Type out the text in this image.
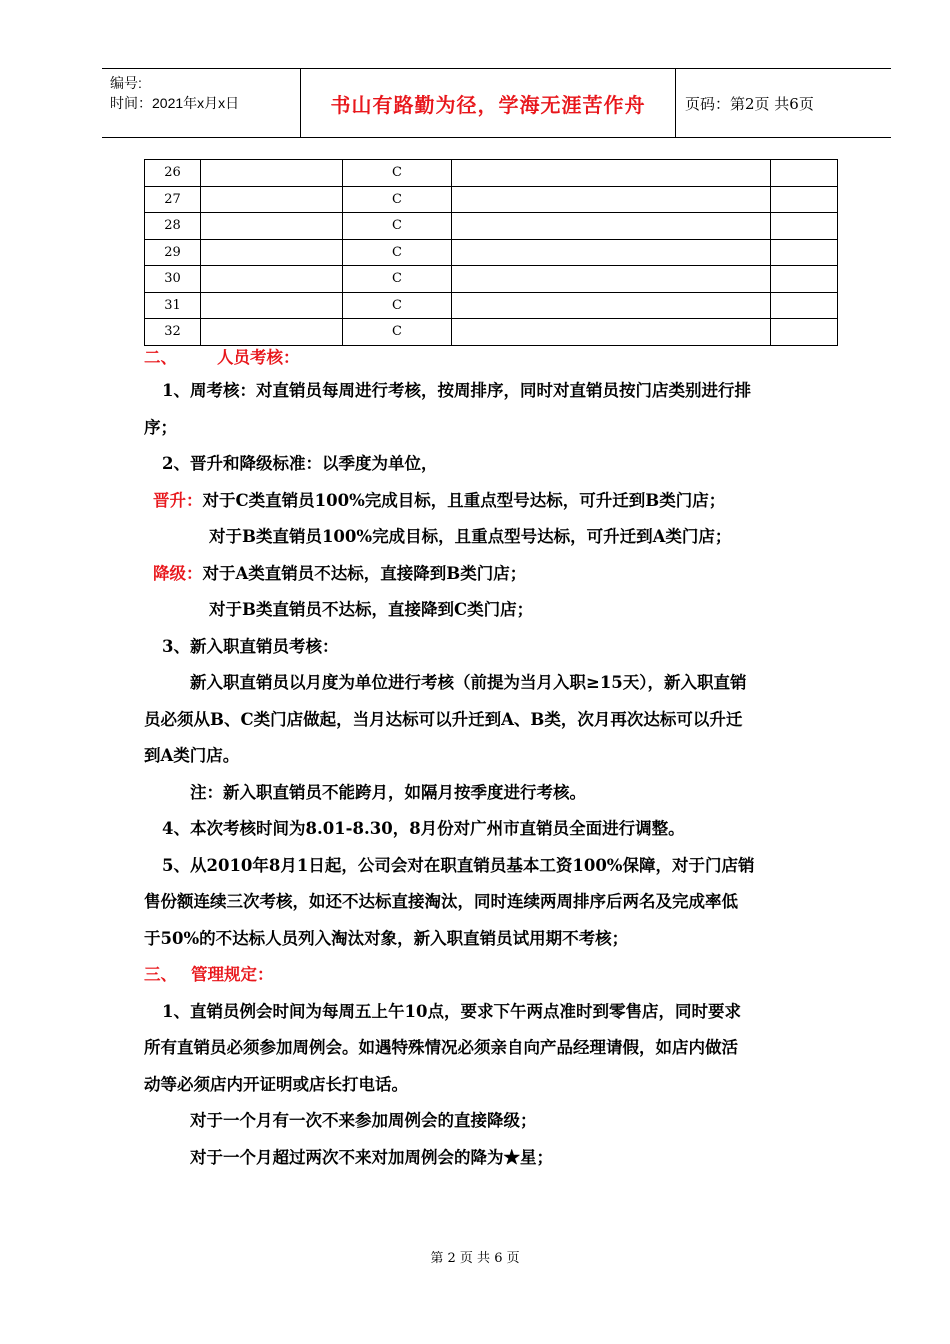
编号:
时间：2021年x月x日	书山有路勤为径，学海无涯苦作舟	页码：第2页 共6页
26		C		
27		C		
28		C		
29		C		
30		C		
31		C		
32		C		
二、 人员考核：
1、周考核：对直销员每周进行考核，按周排序，同时对直销员按门店类别进行排
序；
2、晋升和降级标准：以季度为单位，
晋升：对于C类直销员100%完成目标，且重点型号达标，可升迁到B类门店；
对于B类直销员100%完成目标，且重点型号达标，可升迁到A类门店；
降级：对于A类直销员不达标，直接降到B类门店；
对于B类直销员不达标，直接降到C类门店；
3、新入职直销员考核：
新入职直销员以月度为单位进行考核（前提为当月入职≥15天），新入职直销
员必须从B、C类门店做起，当月达标可以升迁到A、B类，次月再次达标可以升迁
到A类门店。
注：新入职直销员不能跨月，如隔月按季度进行考核。
4、本次考核时间为8.01-8.30，8月份对广州市直销员全面进行调整。
5、从2010年8月1日起，公司会对在职直销员基本工资100%保障，对于门店销
售份额连续三次考核，如还不达标直接淘汰，同时连续两周排序后两名及完成率低
于50%的不达标人员列入淘汰对象，新入职直销员试用期不考核；
三、 管理规定：
1、直销员例会时间为每周五上午10点，要求下午两点准时到零售店，同时要求
所有直销员必须参加周例会。如遇特殊情况必须亲自向产品经理请假，如店内做活
动等必须店内开证明或店长打电话。
对于一个月有一次不来参加周例会的直接降级；
对于一个月超过两次不来对加周例会的降为★星；
第 2 页 共 6 页
